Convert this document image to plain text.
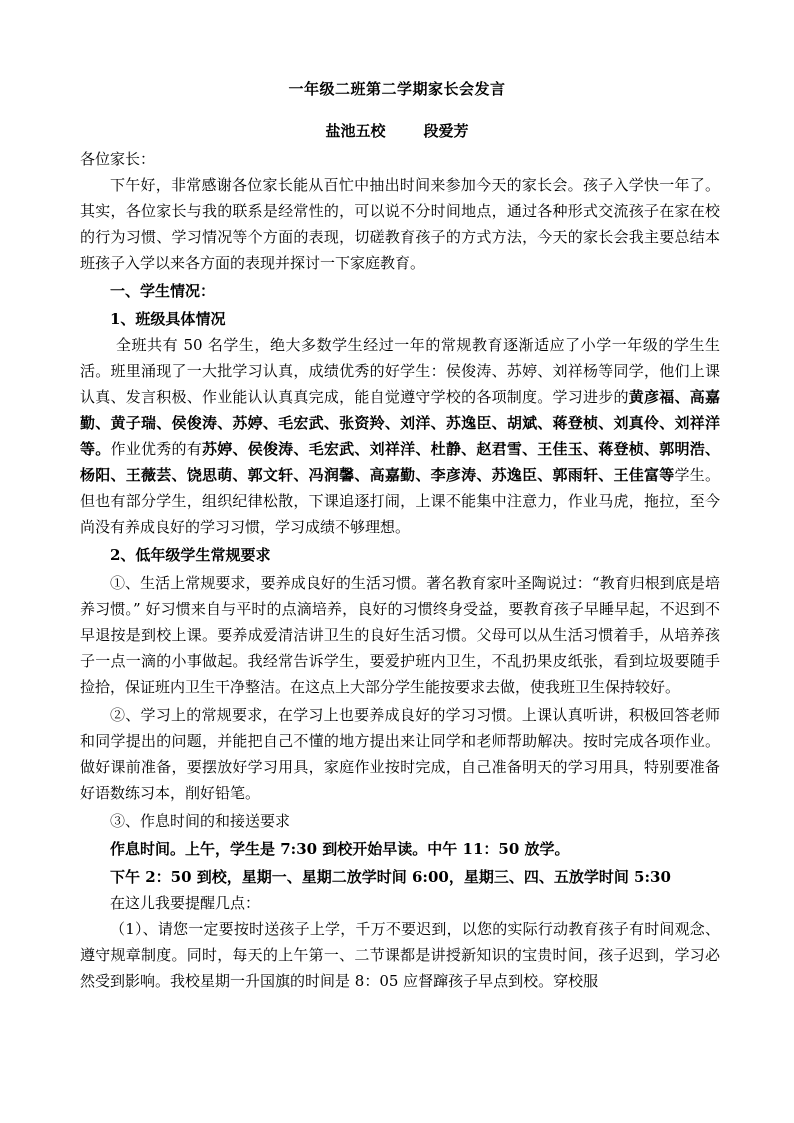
一年级二班第二学期家长会发言
盐池五校	段爱芳

各位家长：

下午好，非常感谢各位家长能从百忙中抽出时间来参加今天的家长会。孩子入学快一年了。其实，各位家长与我的联系是经常性的，可以说不分时间地点，通过各种形式交流孩子在家在校的行为习惯、学习情况等个方面的表现，切磋教育孩子的方式方法，今天的家长会我主要总结本班孩子入学以来各方面的表现并探讨一下家庭教育。

一、学生情况：

1、班级具体情况

全班共有 50 名学生，绝大多数学生经过一年的常规教育逐渐适应了小学一年级的学生生活。班里涌现了一大批学习认真，成绩优秀的好学生：侯俊涛、苏婷、刘祥杨等同学，他们上课认真、发言积极、作业能认认真真完成，能自觉遵守学校的各项制度。学习进步的黄彦福、高嘉勤、黄子瑞、侯俊涛、苏婷、毛宏武、张资羚、刘洋、苏逸臣、胡斌、蒋登桢、刘真伶、刘祥洋等。作业优秀的有苏婷、侯俊涛、毛宏武、刘祥洋、杜静、赵君雪、王佳玉、蒋登桢、郭明浩、杨阳、王薇芸、饶思萌、郭文轩、冯润馨、高嘉勤、李彦涛、苏逸臣、郭雨轩、王佳富等学生。但也有部分学生，组织纪律松散，下课追逐打闹，上课不能集中注意力，作业马虎，拖拉，至今尚没有养成良好的学习习惯，学习成绩不够理想。

2、低年级学生常规要求

①、生活上常规要求，要养成良好的生活习惯。著名教育家叶圣陶说过：“教育归根到底是培养习惯。” 好习惯来自与平时的点滴培养，良好的习惯终身受益，要教育孩子早睡早起，不迟到不早退按是到校上课。要养成爱清洁讲卫生的良好生活习惯。父母可以从生活习惯着手，从培养孩子一点一滴的小事做起。我经常告诉学生，要爱护班内卫生，不乱扔果皮纸张，看到垃圾要随手捡拾，保证班内卫生干净整洁。在这点上大部分学生能按要求去做，使我班卫生保持较好。

②、学习上的常规要求，在学习上也要养成良好的学习习惯。上课认真听讲，积极回答老师和同学提出的问题，并能把自己不懂的地方提出来让同学和老师帮助解决。按时完成各项作业。做好课前准备，要摆放好学习用具，家庭作业按时完成，自己准备明天的学习用具，特别要准备好语数练习本，削好铅笔。

③、作息时间的和接送要求

作息时间。上午，学生是 7:30 到校开始早读。中午 11：50 放学。

下午 2：50 到校，星期一、星期二放学时间 6:00，星期三、四、五放学时间 5:30

在这儿我要提醒几点：

（1）、请您一定要按时送孩子上学，千万不要迟到，以您的实际行动教育孩子有时间观念、遵守规章制度。同时，每天的上午第一、二节课都是讲授新知识的宝贵时间，孩子迟到，学习必然受到影响。我校星期一升国旗的时间是 8：05 应督蹿孩子早点到校。穿校服
